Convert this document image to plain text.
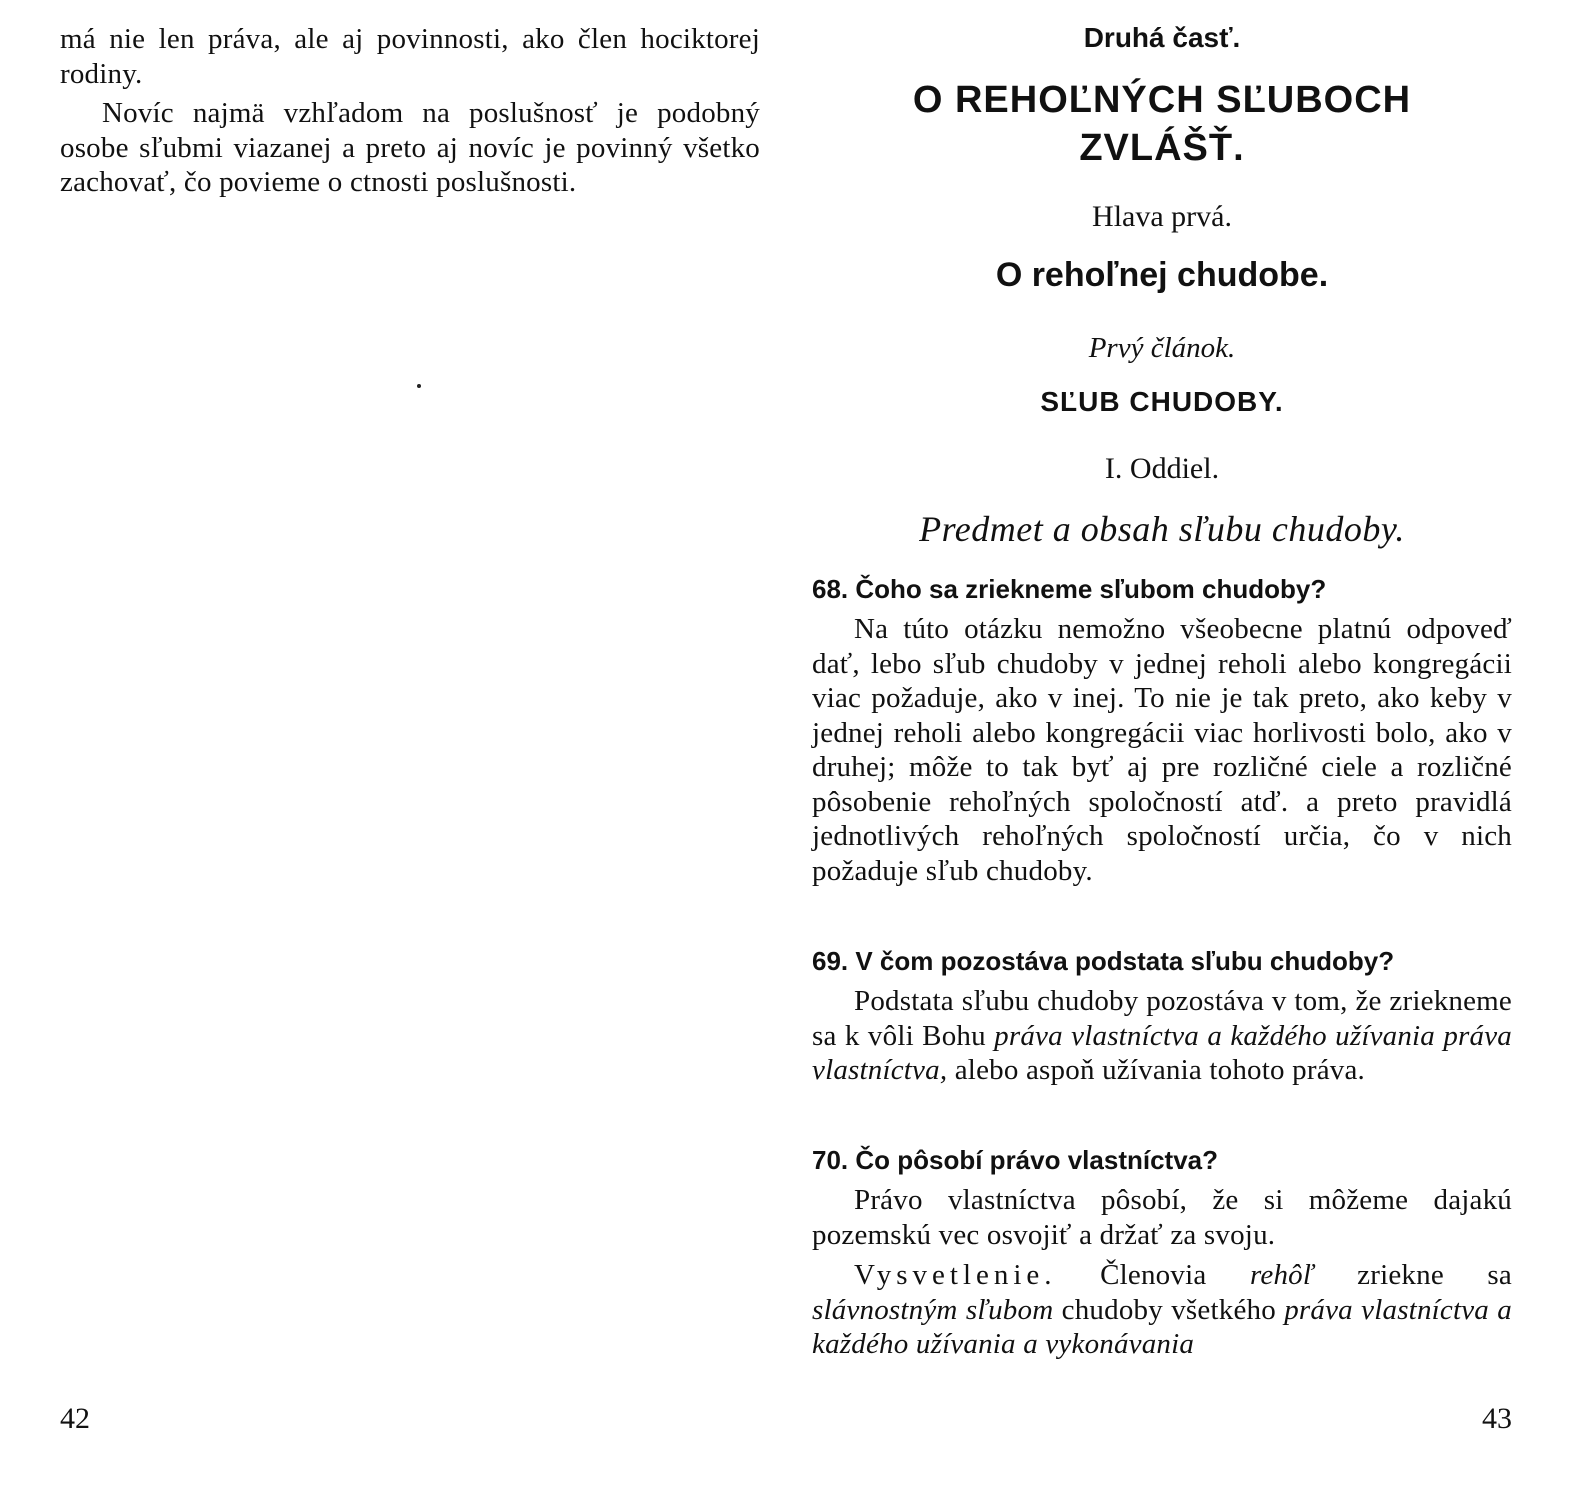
má nie len práva, ale aj povinnosti, ako člen hociktorej rodiny.

Novíc najmä vzhľadom na poslušnosť je podobný osobe sľubmi viazanej a preto aj novíc je povinný všetko zachovať, čo povieme o ctnosti poslušnosti.

42

Druhá časť.

O REHOĽNÝCH SĽUBOCH
ZVLÁŠŤ.

Hlava prvá.

O rehoľnej chudobe.

Prvý článok.

SĽUB CHUDOBY.

I. Oddiel.

Predmet a obsah sľubu chudoby.

68. Čoho sa zriekneme sľubom chudoby?

Na túto otázku nemožno všeobecne platnú odpoveď dať, lebo sľub chudoby v jednej reholi alebo kongregácii viac požaduje, ako v inej. To nie je tak preto, ako keby v jednej reholi alebo kongregácii viac horlivosti bolo, ako v druhej; môže to tak byť aj pre rozličné ciele a rozličné pôsobenie rehoľných spoločností atď. a preto pravidlá jednotlivých rehoľných spoločností určia, čo v nich požaduje sľub chudoby.

69. V čom pozostáva podstata sľubu chudoby?

Podstata sľubu chudoby pozostáva v tom, že zriekneme sa k vôli Bohu práva vlastníctva a každého užívania práva vlastníctva, alebo aspoň užívania tohoto práva.

70. Čo pôsobí právo vlastníctva?

Právo vlastníctva pôsobí, že si môžeme dajakú pozemskú vec osvojiť a držať za svoju.

Vysvetlenie. Členovia rehôľ zriekne sa slávnostným sľubom chudoby všetkého práva vlastníctva a každého užívania a vykonávania

43
